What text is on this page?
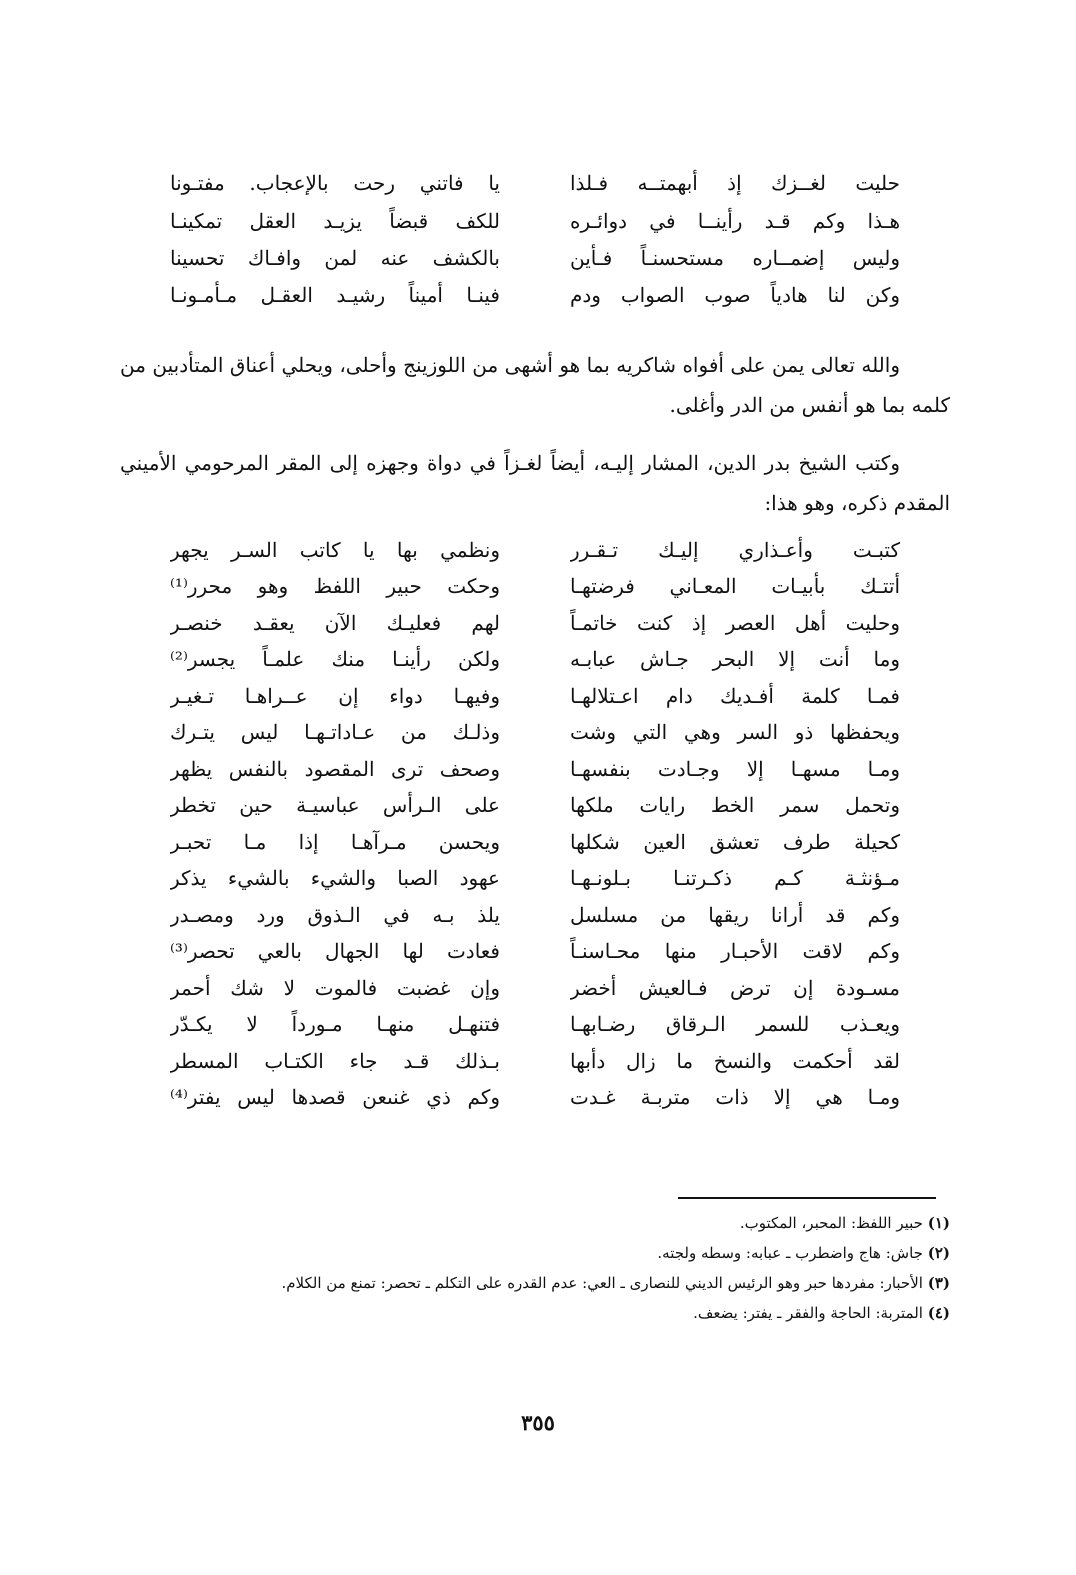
حليت لغــزك إذ أبهمتــه فـلذا
يا فاتني رحت بالإعجاب. مفتـونا
هـذا وكم قـد رأينــا في دوائـره
للكف قبضاً يزيـد العقل تمكينـا
وليس إضمــاره مستحسنـاً فـأين
بالكشف عنه لمن وافـاك تحسينا
وكن لنا هادياً صوب الصواب ودم
فينـا أميناً رشيـد العقـل مـأمـونـا
والله تعالى يمن على أفواه شاكريه بما هو أشهى من اللوزينج وأحلى، ويحلي أعناق المتأدبين من كلمه بما هو أنفس من الدر وأغلى.
وكتب الشيخ بدر الدين، المشار إليـه، أيضاً لغـزاً في دواة وجهزه إلى المقر المرحومي الأميني المقدم ذكره، وهو هذا:
كتبـت وأعـذاري إليـك تـقـرر
ونظمي بها يا كاتب السـر يجهر
أتتـك بأبيـات المعـاني فرضتهـا
وحكت حبير اللفظ وهو محرر⁽¹⁾
وحليت أهل العصر إذ كنت خاتمـاً
لهم فعليـك الآن يعقـد خنصـر
وما أنت إلا البحر جـاش عبابـه
ولكن رأينـا منك علمـاً يجسر⁽²⁾
فمـا كلمة أفـديك دام اعـتلالهـا
وفيهـا دواء إن عــراهـا تـغيـر
ويحفظها ذو السر وهي التي وشت
وذلـك من عـاداتـهـا ليس يتـرك
ومـا مسهـا إلا وجـادت بنفسهـا
وصحف ترى المقصود بالنفس يظهر
وتحمل سمر الخط رايات ملكها
على الـرأس عباسيـة حين تخطر
كحيلة طرف تعشق العين شكلها
ويحسن مـرآهـا إذا مـا تحبـر
مـؤنثـة كـم ذكـرتنـا بـلونـهـا
عهود الصبا والشيء بالشيء يذكر
وكم قد أرانا ريقها من مسلسل
يلذ بـه في الـذوق ورد ومصـدر
وكم لاقت الأحبـار منها محـاسنـاً
فعادت لها الجهال بالعي تحصر⁽³⁾
مسـودة إن ترض فـالعيش أخضر
وإن غضبت فالموت لا شك أحمر
ويعـذب للسمر الـرقاق رضـابهـا
فتنهـل منهـا مـورداً لا يكـدّر
لقد أحكمت والنسخ ما زال دأبها
بـذلك قـد جاء الكتـاب المسطر
ومـا هي إلا ذات متربـة غـدت
وكم ذي غنىعن قصدها ليس يفتر⁽⁴⁾
(١) حبير اللفظ: المحبر، المكتوب.
(٢) جاش: هاج واضطرب ـ عبابه: وسطه ولجته.
(٣) الأحبار: مفردها حبر وهو الرئيس الديني للنصارى ـ العي: عدم القدره على التكلم ـ تحصر: تمنع من الكلام.
(٤) المتربة: الحاجة والفقر ـ يفتر: يضعف.
٣٥٥
